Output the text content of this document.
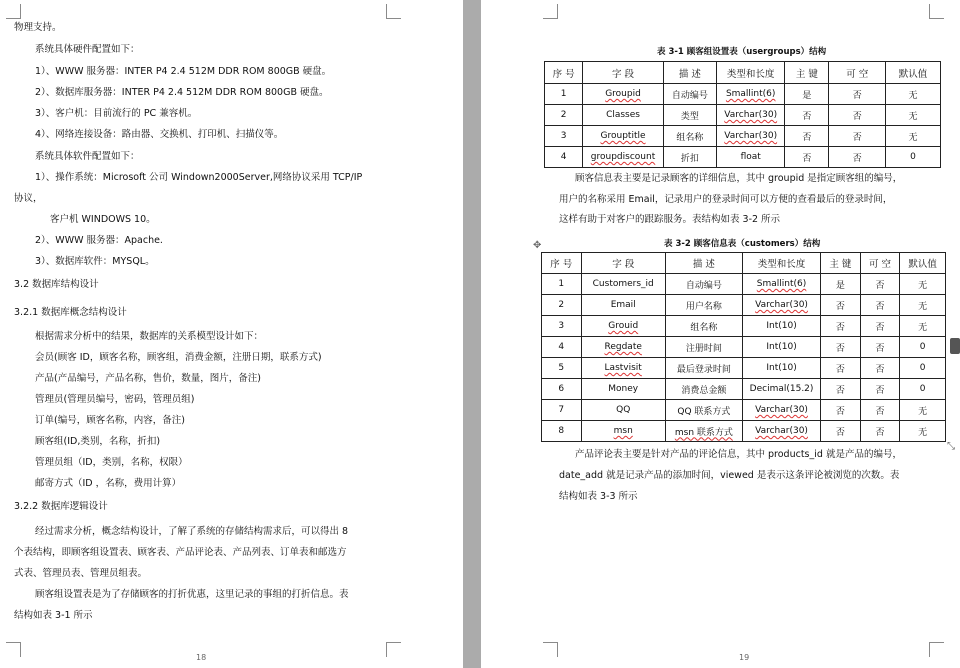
物理支持。
系统具体硬件配置如下：
1）、WWW 服务器：INTER P4 2.4 512M DDR ROM 800GB 硬盘。
2）、数据库服务器：INTER P4 2.4 512M DDR ROM 800GB 硬盘。
3）、客户机：目前流行的 PC 兼容机。
4）、网络连接设备：路由器、交换机、打印机、扫描仪等。
系统具体软件配置如下：
1）、操作系统：Microsoft 公司 Windown2000Server,网络协议采用 TCP/IP
协议，
客户机 WINDOWS 10。
2）、WWW 服务器：Apache.
3）、数据库软件：MYSQL。
3.2 数据库结构设计
3.2.1 数据库概念结构设计
根据需求分析中的结果，数据库的关系模型设计如下：
会员(顾客 ID，顾客名称，顾客组，消费金额，注册日期，联系方式)
产品(产品编号，产品名称，售价，数量，图片，备注)
管理员(管理员编号，密码，管理员组)
订单(编号，顾客名称，内容，备注)
顾客组(ID,类别，名称，折扣)
管理员组（ID，类别，名称，权限）
邮寄方式（ID ，名称，费用计算）
3.2.2 数据库逻辑设计
经过需求分析，概念结构设计，了解了系统的存储结构需求后，可以得出 8
个表结构，即顾客组设置表、顾客表、产品评论表、产品列表、订单表和邮选方
式表、管理员表、管理员组表。
顾客组设置表是为了存储顾客的打折优惠，这里记录的事组的打折信息。表
结构如表 3-1 所示
18
表 3-1 顾客组设置表（usergroups）结构
序 号	字 段	描 述	类型和长度	主 键	可 空	默认值
1	Groupid	自动编号	Smallint(6)	是	否	无
2	Classes	类型	Varchar(30)	否	否	无
3	Grouptitle	组名称	Varchar(30)	否	否	无
4	groupdiscount	折扣	float	否	否	0
顾客信息表主要是记录顾客的详细信息，其中 groupid 是指定顾客组的编号，
用户的名称采用 Email，记录用户的登录时间可以方便的查看最后的登录时间，
这样有助于对客户的跟踪服务。表结构如表 3-2 所示
✥	表 3-2 顾客信息表（customers）结构
序 号	字 段	描 述	类型和长度	主 键	可 空	默认值
1	Customers_id	自动编号	Smallint(6)	是	否	无
2	Email	用户名称	Varchar(30)	否	否	无
3	Grouid	组名称	Int(10)	否	否	无
4	Regdate	注册时间	Int(10)	否	否	0
5	Lastvisit	最后登录时间	Int(10)	否	否	0
6	Money	消费总金额	Decimal(15.2)	否	否	0
7	QQ	QQ 联系方式	Varchar(30)	否	否	无
8	msn	msn 联系方式	Varchar(30)	否	否	无
⤡
产品评论表主要是针对产品的评论信息，其中 products_id 就是产品的编号，
date_add 就是记录产品的添加时间，viewed 是表示这条评论被浏览的次数。表
结构如表 3-3 所示
19
